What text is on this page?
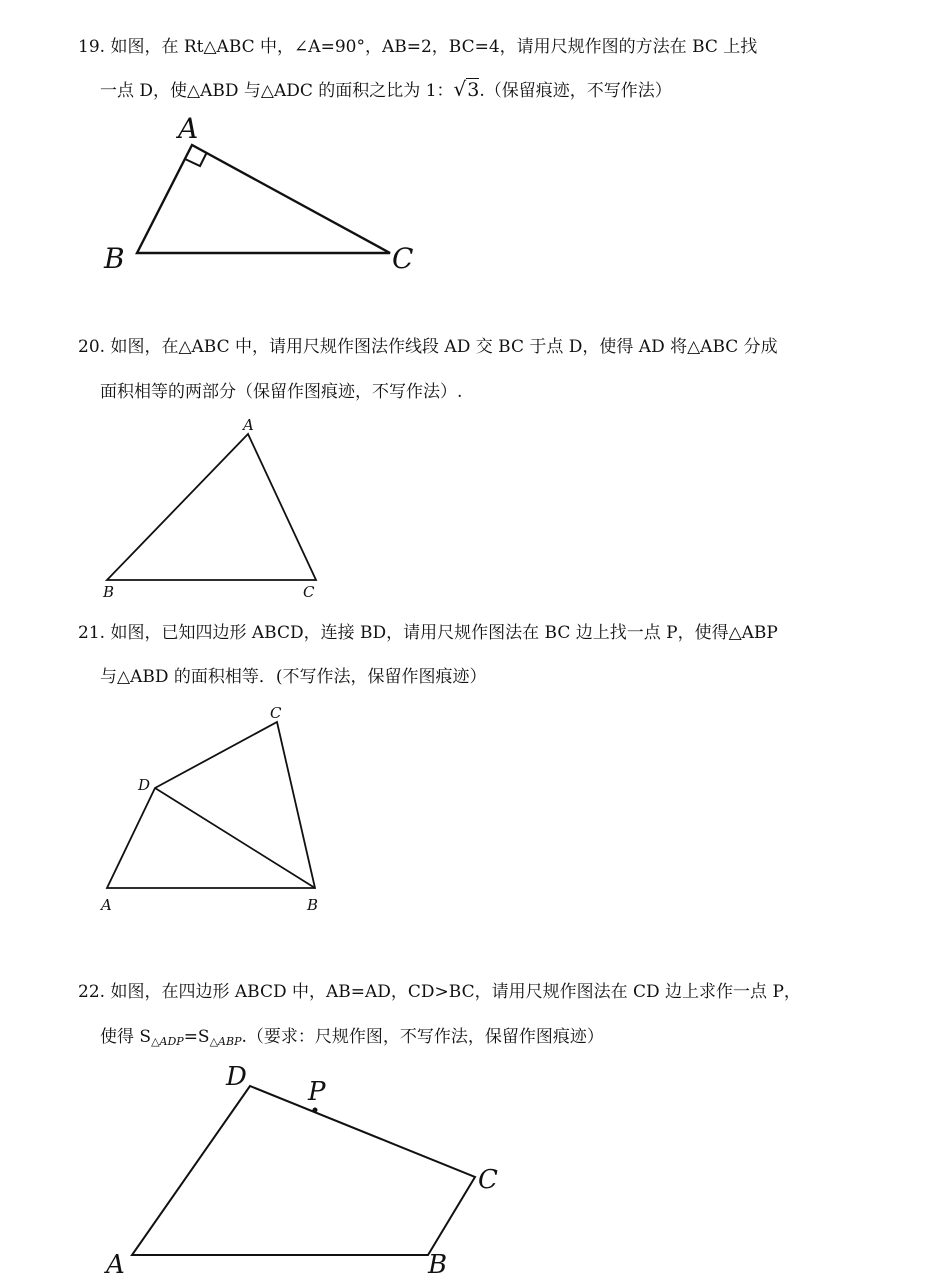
19. 如图，在 Rt△ABC 中，∠A=90°，AB=2，BC=4，请用尺规作图的方法在 BC 上找
一点 D，使△ABD 与△ADC 的面积之比为 1：√3.（保留痕迹，不写作法）
20. 如图，在△ABC 中，请用尺规作图法作线段 AD 交 BC 于点 D，使得 AD 将△ABC 分成
面积相等的两部分（保留作图痕迹，不写作法）.
21. 如图，已知四边形 ABCD，连接 BD，请用尺规作图法在 BC 边上找一点 P，使得△ABP
与△ABD 的面积相等．(不写作法，保留作图痕迹）
22. 如图，在四边形 ABCD 中，AB=AD，CD>BC，请用尺规作图法在 CD 边上求作一点 P，
使得 $S_{\triangle ADP}=S_{\triangle ABP}$.（要求：尺规作图，不写作法，保留作图痕迹）
A
B	C
A
B	C
A	B
C
D
A	B
C
D P
